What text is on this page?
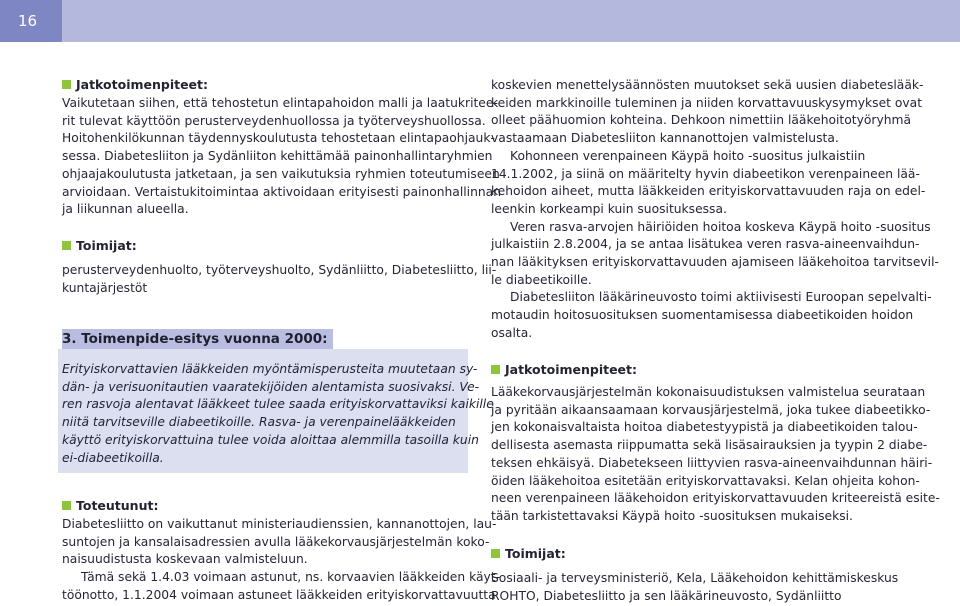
16
Jatkotoimenpiteet:
Vaikutetaan siihen, että tehostetun elintapahoidon malli ja laatukritee-
rit tulevat käyttöön perusterveydenhuollossa ja työterveyshuollossa.
Hoitohenkilökunnan täydennyskoulutusta tehostetaan elintapaohjauk-
sessa. Diabetesliiton ja Sydänliiton kehittämää painonhallintaryhmien
ohjaajakoulutusta jatketaan, ja sen vaikutuksia ryhmien toteutumiseen
arvioidaan. Vertaistukitoimintaa aktivoidaan erityisesti painonhallinnan
ja liikunnan alueella.
Toimijat:
perusterveydenhuolto, työterveyshuolto, Sydänliitto, Diabetesliitto, lii-
kuntajärjestöt
3. Toimenpide-esitys vuonna 2000:
Erityiskorvattavien lääkkeiden myöntämisperusteita muutetaan sy-
dän- ja verisuonitautien vaaratekijöiden alentamista suosivaksi. Ve-
ren rasvoja alentavat lääkkeet tulee saada erityiskorvattaviksi kaikille
niitä tarvitseville diabeetikoille. Rasva- ja verenpainelääkkeiden
käyttö erityiskorvattuina tulee voida aloittaa alemmilla tasoilla kuin
ei-diabeetikoilla.
Toteutunut:
Diabetesliitto on vaikuttanut ministeriaudienssien, kannanottojen, lau-
suntojen ja kansalaisadressien avulla lääkekorvausjärjestelmän koko-
naisuudistusta koskevaan valmisteluun.
Tämä sekä 1.4.03 voimaan astunut, ns. korvaavien lääkkeiden käyt-
töönotto, 1.1.2004 voimaan astuneet lääkkeiden erityiskorvattavuutta
koskevien menettelysäännösten muutokset sekä uusien diabeteslääk-
keiden markkinoille tuleminen ja niiden korvattavuuskysymykset ovat
olleet päähuomion kohteina. Dehkoon nimettiin lääkehoitotyöryhmä
vastaamaan Diabetesliiton kannanottojen valmistelusta.
Kohonneen verenpaineen Käypä hoito -suositus julkaistiin
14.1.2002, ja siinä on määritelty hyvin diabeetikon verenpaineen lää-
kehoidon aiheet, mutta lääkkeiden erityiskorvattavuuden raja on edel-
leenkin korkeampi kuin suosituksessa.
Veren rasva-arvojen häiriöiden hoitoa koskeva Käypä hoito -suositus
julkaistiin 2.8.2004, ja se antaa lisätukea veren rasva-aineenvaihdun-
nan lääkityksen erityiskorvattavuuden ajamiseen lääkehoitoa tarvitsevil-
le diabeetikoille.
Diabetesliiton lääkärineuvosto toimi aktiivisesti Euroopan sepelvalti-
motaudin hoitosuosituksen suomentamisessa diabeetikoiden hoidon
osalta.
Jatkotoimenpiteet:
Lääkekorvausjärjestelmän kokonaisuudistuksen valmistelua seurataan
ja pyritään aikaansaamaan korvausjärjestelmä, joka tukee diabeetikko-
jen kokonaisvaltaista hoitoa diabetestyypistä ja diabeetikoiden talou-
dellisesta asemasta riippumatta sekä lisäsairauksien ja tyypin 2 diabe-
teksen ehkäisyä. Diabetekseen liittyvien rasva-aineenvaihdunnan häiri-
öiden lääkehoitoa esitetään erityiskorvattavaksi. Kelan ohjeita kohon-
neen verenpaineen lääkehoidon erityiskorvattavuuden kriteereistä esite-
tään tarkistettavaksi Käypä hoito -suosituksen mukaiseksi.
Toimijat:
Sosiaali- ja terveysministeriö, Kela, Lääkehoidon kehittämiskeskus
ROHTO, Diabetesliitto ja sen lääkärineuvosto, Sydänliitto
